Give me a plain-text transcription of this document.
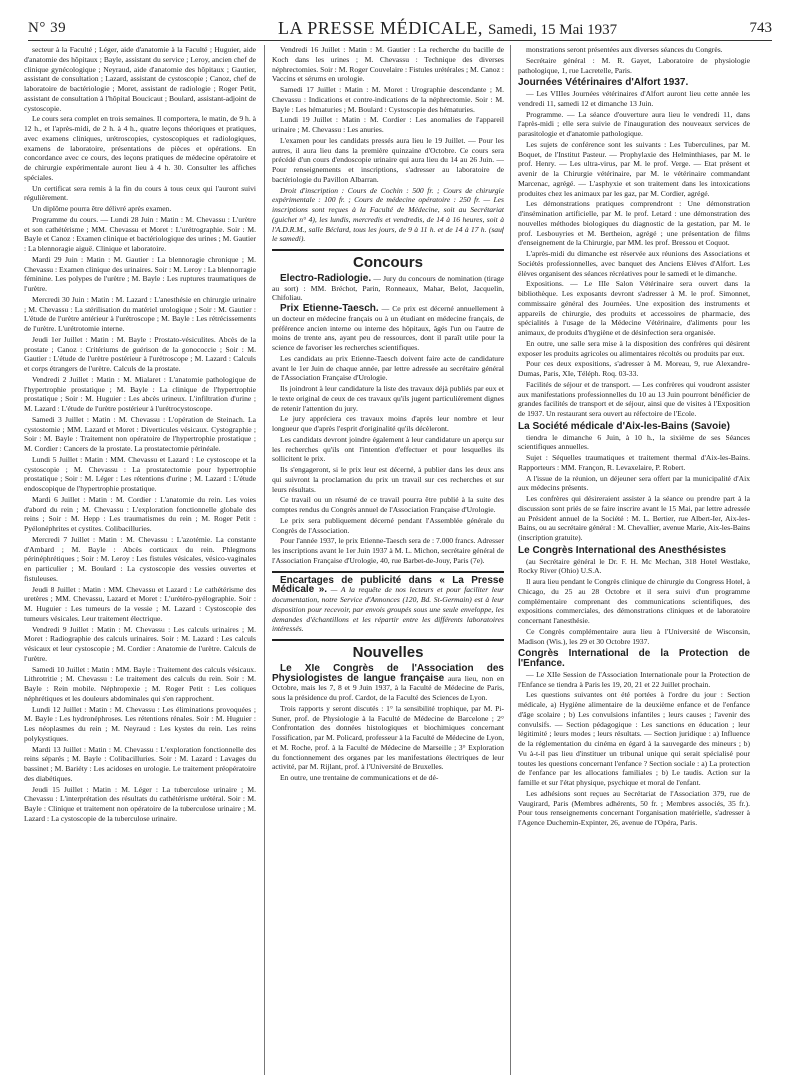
N° 39	LA PRESSE MÉDICALE, Samedi, 15 Mai 1937	743

secteur à la Faculté ; Léger, aide d'anatomie à la Faculté ; Huguier, aide d'anatomie des hôpitaux ; Bayle, assistant du service ; Leroy, ancien chef de clinique gynécologique ; Neyraud, aide d'anatomie des hôpitaux ; Gautier, assistant de consultation ; Lazard, assistant de cystoscopie ; Canoz, chef de laboratoire de bactériologie ; Moret, assistant de radiologie ; Roger Petit, assistant de consultation à l'hôpital Boucicaut ; Boulard, assistant-adjoint de cystoscopie.

Le cours sera complet en trois semaines. Il comportera, le matin, de 9 h. à 12 h., et l'après-midi, de 2 h. à 4 h., quatre leçons théoriques et pratiques, avec examens cliniques, urétroscopies, cystoscopiques et radiologiques, examens de laboratoire, présentations de pièces et opérations. En concordance avec ce cours, des leçons pratiques de médecine opératoire et de chirurgie expérimentale auront lieu à 4 h. 30. Consulter les affiches spéciales.

Un certificat sera remis à la fin du cours à tous ceux qui l'auront suivi régulièrement.

Un diplôme pourra être délivré après examen.

Programme du cours. — Lundi 28 Juin : Matin : M. Chevassu : L'urètre et son cathétérisme ; MM. Chevassu et Moret : L'urétrographie. Soir : M. Bayle et Canoz : Examen clinique et bactériologique des urines ; M. Gautier : La blennoragie aiguë. Clinique et laboratoire.

Mardi 29 Juin : Matin : M. Gautier : La blennoragie chronique ; M. Chevassu : Examen clinique des urinaires. Soir : M. Leroy : La blennorragie féminine. Les polypes de l'urètre ; M. Bayle : Les ruptures traumatiques de l'urètre.

Mercredi 30 Juin : Matin : M. Lazard : L'anesthésie en chirurgie urinaire ; M. Chevassu : La stérilisation du matériel urologique ; Soir : M. Gautier : L'étude de l'urètre antérieur à l'urétroscope ; M. Bayle : Les rétrécissements de l'urètre. L'urétrotomie interne.

Jeudi 1er Juillet : Matin : M. Bayle : Prostato-vésiculites. Abcès de la prostate ; Canoz : Critériums de guérison de la gonococcie ; Soir : M. Gautier : L'étude de l'urètre postérieur à l'urétroscope ; M. Lazard : Calculs et corps étrangers de l'urètre. Calculs de la prostate.

Vendredi 2 Juillet : Matin : M. Mialaret : L'anatomie pathologique de l'hypertrophie prostatique ; M. Bayle : La clinique de l'hypertrophie prostatique ; Soir : M. Huguier : Les abcès urineux. L'infiltration d'urine ; M. Lazard : L'étude de l'urètre postérieur à l'urétrocystoscope.

Samedi 3 Juillet : Matin : M. Chevassu : L'opération de Steinach. La cystostomie ; MM. Lazard et Moret : Diverticules vésicaux. Cystographie ; Soir : M. Bayle : Traitement non opératoire de l'hypertrophie prostatique ; M. Cordier : Cancers de la prostate. La prostatectomie périnéale.

Lundi 5 Juillet : Matin : MM. Chevassu et Lazard : Le cystoscope et la cystoscopie ; M. Chevassu : La prostatectomie pour hypertrophie prostatique ; Soir : M. Léger : Les rétentions d'urine ; M. Lazard : L'étude endoscopique de l'hypertrophie prostatique.

Mardi 6 Juillet : Matin : M. Cordier : L'anatomie du rein. Les voies d'abord du rein ; M. Chevassu : L'exploration fonctionnelle globale des reins ; Soir : M. Hepp : Les traumatismes du rein ; M. Roger Petit : Pyélonéphrites et cystites. Colibacilluries.

Mercredi 7 Juillet : Matin : M. Chevassu : L'azotémie. La constante d'Ambard ; M. Bayle : Abcès corticaux du rein. Phlegmons périnéphrétiques ; Soir : M. Leroy : Les fistules vésicales, vésico-vaginales en particulier ; M. Boulard : La cystoscopie des vessies ouvertes et fistuleuses.

Jeudi 8 Juillet : Matin : MM. Chevassu et Lazard : Le cathétérisme des uretères ; MM. Chevassu, Lazard et Moret : L'urétéro-pyélographie. Soir : M. Huguier : Les tumeurs de la vessie ; M. Lazard : Cystoscopie des tumeurs vésicales. Leur traitement électrique.

Vendredi 9 Juillet : Matin : M. Chevassu : Les calculs urinaires ; M. Moret : Radiographie des calculs urinaires. Soir : M. Lazard : Les calculs vésicaux et leur cystoscopie ; M. Cordier : Anatomie de l'urètre. Calculs de l'urètre.

Samedi 10 Juillet : Matin : MM. Bayle : Traitement des calculs vésicaux. Lithrotritie ; M. Chevassu : Le traitement des calculs du rein. Soir : M. Bayle : Rein mobile. Néphropexie ; M. Roger Petit : Les coliques néphrétiques et les douleurs abdominales qui s'en rapprochent.

Lundi 12 Juillet : Matin : M. Chevassu : Les éliminations provoquées ; M. Bayle : Les hydronéphroses. Les rétentions rénales. Soir : M. Huguier : Les néoplasmes du rein ; M. Neyraud : Les kystes du rein. Les reins polykystiques.

Mardi 13 Juillet : Matin : M. Chevassu : L'exploration fonctionnelle des reins séparés ; M. Bayle : Colibacilluries. Soir : M. Lazard : Lavages du bassinet ; M. Bariéty : Les acidoses en urologie. Le traitement préopératoire des diabétiques.

Jeudi 15 Juillet : Matin : M. Léger : La tuberculose urinaire ; M. Chevassu : L'interprétation des résultats du cathétérisme urétéral. Soir : M. Bayle : Clinique et traitement non opératoire de la tuberculose urinaire ; M. Lazard : La cystoscopie de la tuberculose urinaire.

Vendredi 16 Juillet : Matin : M. Gautier : La recherche du bacille de Koch dans les urines ; M. Chevassu : Technique des diverses néphrectomies. Soir : M. Roger Couvelaire : Fistules urétérales ; M. Canoz : Vaccins et sérums en urologie.

Samedi 17 Juillet : Matin : M. Moret : Urographie descendante ; M. Chevassu : Indications et contre-indications de la néphrectomie. Soir : M. Bayle : Les hématuries ; M. Boulard : Cystoscopie des hématuries.

Lundi 19 Juillet : Matin : M. Cordier : Les anomalies de l'appareil urinaire ; M. Chevassu : Les anuries.

L'examen pour les candidats pressés aura lieu le 19 Juillet. — Pour les autres, il aura lieu dans la première quinzaine d'Octobre. Ce cours sera précédé d'un cours d'endoscopie urinaire qui aura lieu du 14 au 26 Juin. — Pour renseignements et inscriptions, s'adresser au laboratoire de bactériologie du Pavillon Albarran.

Droit d'inscription : Cours de Cochin : 500 fr. ; Cours de chirurgie expérimentale : 100 fr. ; Cours de médecine opératoire : 250 fr. — Les inscriptions sont reçues à la Faculté de Médecine, soit au Secrétariat (guichet n° 4), les lundis, mercredis et vendredis, de 14 à 16 heures, soit à l'A.D.R.M., salle Béclard, tous les jours, de 9 à 11 h. et de 14 à 17 h. (sauf le samedi).

Concours

Electro-Radiologie. — Jury du concours de nomination (tirage au sort) : MM. Bréchot, Parin, Ronneaux, Mahar, Belot, Jacquelin, Chifoliau.

Prix Etienne-Taesch. — Ce prix est décerné annuellement à un docteur en médecine français ou à un étudiant en médecine français, de préférence ancien interne ou interne des hôpitaux, âgés l'un ou l'autre de moins de trente ans, ayant peu de ressources, dont il paraît utile pour la science de favoriser les recherches scientifiques.

Les candidats au prix Etienne-Taesch doivent faire acte de candidature avant le 1er Juin de chaque année, par lettre adressée au secrétaire général de l'Association Française d'Urologie.

Ils joindront à leur candidature la liste des travaux déjà publiés par eux et le texte original de ceux de ces travaux qu'ils jugent particulièrement dignes de retenir l'attention du jury.

Le jury appréciera ces travaux moins d'après leur nombre et leur longueur que d'après l'esprit d'originalité qu'ils décèleront.

Les candidats devront joindre également à leur candidature un aperçu sur les recherches qu'ils ont l'intention d'effectuer et pour lesquelles ils sollicitent le prix.

Ils s'engageront, si le prix leur est décerné, à publier dans les deux ans qui suivront la proclamation du prix un travail sur ces recherches et sur leurs résultats.

Ce travail ou un résumé de ce travail pourra être publié à la suite des comptes rendus du Congrès annuel de l'Association Française d'Urologie.

Le prix sera publiquement décerné pendant l'Assemblée générale du Congrès de l'Association.

Pour l'année 1937, le prix Etienne-Taesch sera de : 7.000 francs. Adresser les inscriptions avant le 1er Juin 1937 à M. L. Michon, secrétaire général de l'Association Française d'Urologie, 40, rue Barbet-de-Jouy, Paris (7e).

Encartages de publicité dans « La Presse Médicale ». — A la requête de nos lecteurs et pour faciliter leur documentation, notre Service d'Annonces (120, Bd. St-Germain) est à leur disposition pour recevoir, par envois groupés sous une seule enveloppe, les demandes d'échantillons et les répartir entre les différents laboratoires intéressés.

Nouvelles

Le XIe Congrès de l'Association des Physiologistes de langue française aura lieu, non en Octobre, mais les 7, 8 et 9 Juin 1937, à la Faculté de Médecine de Paris, sous la présidence du prof. Cardot, de la Faculté des Sciences de Lyon.

Trois rapports y seront discutés : 1° la sensibilité trophique, par M. Pi-Suner, prof. de Physiologie à la Faculté de Médecine de Barcelone ; 2° Confrontation des données histologiques et biochimiques concernant l'ossification, par M. Policard, professeur à la Faculté de Médecine de Lyon, et M. Roche, prof. à la Faculté de Médecine de Marseille ; 3° Exploration du fonctionnement des organes par les manifestations électriques de leur activité, par M. Rijlant, prof. à l'Université de Bruxelles.

En outre, une trentaine de communications et de dé-

monstrations seront présentées aux diverses séances du Congrès.

Secrétaire général : M. R. Gayet, Laboratoire de physiologie pathologique, 1, rue Lacretelle, Paris.

Journées Vétérinaires d'Alfort 1937.

— Les VIIIes Journées vétérinaires d'Alfort auront lieu cette année les vendredi 11, samedi 12 et dimanche 13 Juin.

Programme. — La séance d'ouverture aura lieu le vendredi 11, dans l'après-midi ; elle sera suivie de l'inauguration des nouveaux services de parasitologie et d'anatomie pathologique.

Les sujets de conférence sont les suivants : Les Tuberculines, par M. Boquet, de l'Institut Pasteur. — Prophylaxie des Helminthiases, par M. le prof. Henry. — Les ultra-virus, par M. le prof. Verge. — Etat présent et avenir de la Chirurgie vétérinaire, par M. le vétérinaire commandant Marcenac, agrégé. — L'asphyxie et son traitement dans les intoxications produites chez les animaux par les gaz, par M. Cordier, agrégé.

Les démonstrations pratiques comprendront : Une démonstration d'insémination artificielle, par M. le prof. Letard : une démonstration des nouvelles méthodes biologiques du diagnostic de la gestation, par M. le prof. Lesbouyries et M. Bertheion, agrégé ; une présentation de films d'enseignement de la Chirurgie, par MM. les prof. Bressou et Coquot.

L'après-midi du dimanche est réservée aux réunions des Associations et Sociétés professionnelles, avec banquet des Anciens Elèves d'Alfort. Les élèves organisent des séances récréatives pour le samedi et le dimanche.

Expositions. — Le IIIe Salon Vétérinaire sera ouvert dans la bibliothèque. Les exposants devront s'adresser à M. le prof. Simonnet, commissaire général des Journées. Une exposition des instruments et appareils de chirurgie, des produits et accessoires de pharmacie, des spécialités à l'usage de la Médecine Vétérinaire, d'aliments pour les animaux, de produits d'hygiène et de désinfection sera organisée.

En outre, une salle sera mise à la disposition des confrères qui désirent exposer les produits agricoles ou alimentaires récoltés ou produits par eux.

Pour ces deux expositions, s'adresser à M. Moreau, 9, rue Alexandre-Dumas, Paris, XIe, Téléph. Roq. 03-33.

Facilités de séjour et de transport. — Les confrères qui voudront assister aux manifestations professionnelles du 10 au 13 Juin pourront bénéficier de grandes facilités de transport et de séjour, ainsi que de visites à l'Exposition de 1937. Un restaurant sera ouvert au réfectoire de l'Ecole.

La Société médicale d'Aix-les-Bains (Savoie)

tiendra le dimanche 6 Juin, à 10 h., la sixième de ses Séances scientifiques annuelles.

Sujet : Séquelles traumatiques et traitement thermal d'Aix-les-Bains. Rapporteurs : MM. Françon, R. Levaxelaire, P. Robert.

A l'issue de la réunion, un déjeuner sera offert par la municipalité d'Aix aux médecins présents.

Les confrères qui désireraient assister à la séance ou prendre part à la discussion sont priés de se faire inscrire avant le 15 Mai, par lettre adressée au Président annuel de la Société : M. L. Bertier, rue Albert-Ier, Aix-les-Bains, ou au secrétaire général : M. Chevallier, avenue Marie, Aix-les-Bains (inscription gratuite).

Le Congrès International des Anesthésistes

(au Secrétaire général le Dr. F. H. Mc Mechan, 318 Hotel Westlake, Rocky River (Ohio) U.S.A.

Il aura lieu pendant le Congrès clinique de chirurgie du Congress Hotel, à Chicago, du 25 au 28 Octobre et il sera suivi d'un programme complémentaire comprenant des communications scientifiques, des expositions commerciales, des démonstrations cliniques et de laboratoire concernant l'anesthésie.

Ce Congrès complémentaire aura lieu à l'Université de Wisconsin, Madison (Wis.), les 29 et 30 Octobre 1937.

Congrès International de la Protection de l'Enfance.

— Le XIIe Session de l'Association Internationale pour la Protection de l'Enfance se tiendra à Paris les 19, 20, 21 et 22 Juillet prochain.

Les questions suivantes ont été portées à l'ordre du jour : Section médicale, a) Hygiène alimentaire de la deuxième enfance et de l'enfance d'âge scolaire ; b) Les convulsions infantiles ; leurs causes ; l'avenir des convulsifs. — Section pédagogique : Les sanctions en éducation ; leur légitimité ; leurs modes ; leurs résultats. — Section juridique : a) Influence de la réglementation du cinéma en égard à la sauvegarde des mineurs ; b) Vu à-t-il pas lieu d'instituer un tribunal unique qui serait spécialisé pour toutes les questions concernant l'enfance ? Section sociale : a) La protection de l'enfance par les allocations familiales ; b) Le taudis. Action sur la famille et sur l'état physique, psychique et moral de l'enfant.

Les adhésions sont reçues au Secrétariat de l'Association 379, rue de Vaugirard, Paris (Membres adhérents, 50 fr. ; Membres associés, 35 fr.). Pour tous renseignements concernant l'organisation matérielle, s'adresser à l'Agence Duchemin-Expinter, 26, avenue de l'Opéra, Paris.
